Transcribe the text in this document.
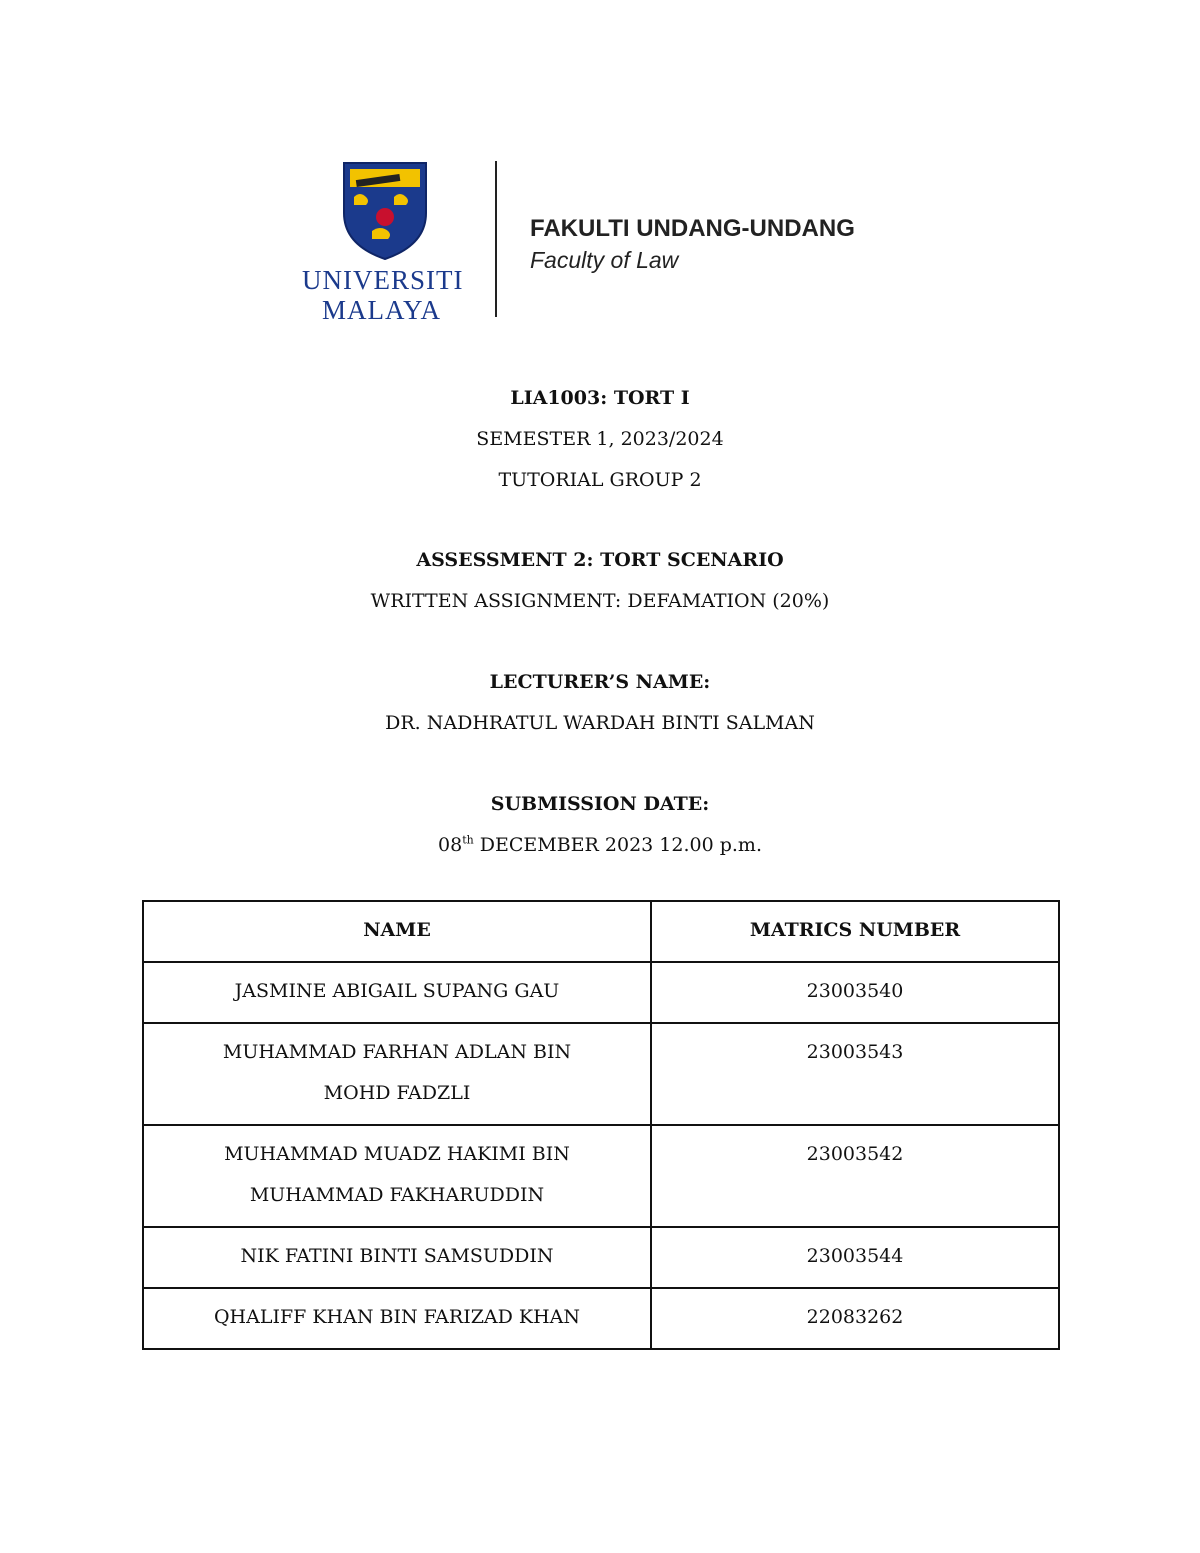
UNIVERSITI
MALAYA
FAKULTI UNDANG-UNDANG
Faculty of Law
LIA1003: TORT I
SEMESTER 1, 2023/2024
TUTORIAL GROUP 2
ASSESSMENT 2: TORT SCENARIO
WRITTEN ASSIGNMENT: DEFAMATION (20%)
LECTURER’S NAME:
DR. NADHRATUL WARDAH BINTI SALMAN
SUBMISSION DATE:
08th DECEMBER 2023 12.00 p.m.
NAME	MATRICS NUMBER

JASMINE ABIGAIL SUPANG GAU	23003540

MUHAMMAD FARHAN ADLAN BIN
MOHD FADZLI	23003543

MUHAMMAD MUADZ HAKIMI BIN
MUHAMMAD FAKHARUDDIN	23003542

NIK FATINI BINTI SAMSUDDIN	23003544

QHALIFF KHAN BIN FARIZAD KHAN	22083262
